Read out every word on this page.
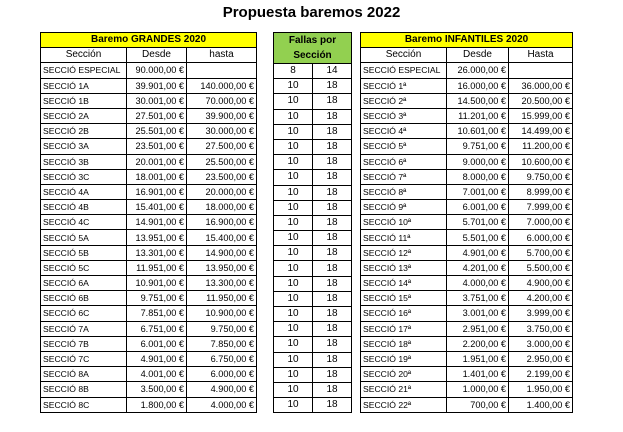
Propuesta baremos 2022
Baremo GRANDES 2020		
Sección	Desde	hasta
SECCIÓ ESPECIAL	90.000,00 €	
SECCIÓ 1A	39.901,00 €	140.000,00 €
SECCIÓ 1B	30.001,00 €	70.000,00 €
SECCIÓ 2A	27.501,00 €	39.900,00 €
SECCIÓ 2B	25.501,00 €	30.000,00 €
SECCIÓ 3A	23.501,00 €	27.500,00 €
SECCIÓ 3B	20.001,00 €	25.500,00 €
SECCIÓ 3C	18.001,00 €	23.500,00 €
SECCIÓ 4A	16.901,00 €	20.000,00 €
SECCIÓ 4B	15.401,00 €	18.000,00 €
SECCIÓ 4C	14.901,00 €	16.900,00 €
SECCIÓ 5A	13.951,00 €	15.400,00 €
SECCIÓ 5B	13.301,00 €	14.900,00 €
SECCIÓ 5C	11.951,00 €	13.950,00 €
SECCIÓ 6A	10.901,00 €	13.300,00 €
SECCIÓ 6B	9.751,00 €	11.950,00 €
SECCIÓ 6C	7.851,00 €	10.900,00 €
SECCIÓ 7A	6.751,00 €	9.750,00 €
SECCIÓ 7B	6.001,00 €	7.850,00 €
SECCIÓ 7C	4.901,00 €	6.750,00 €
SECCIÓ 8A	4.001,00 €	6.000,00 €
SECCIÓ 8B	3.500,00 €	4.900,00 €
SECCIÓ 8C	1.800,00 €	4.000,00 €
Fallas por
Sección	
8	14
10	18
10	18
10	18
10	18
10	18
10	18
10	18
10	18
10	18
10	18
10	18
10	18
10	18
10	18
10	18
10	18
10	18
10	18
10	18
10	18
10	18
10	18
Baremo INFANTILES 2020		
Sección	Desde	Hasta
SECCIÓ ESPECIAL	26.000,00 €	
SECCIÓ 1ª	16.000,00 €	36.000,00 €
SECCIÓ 2ª	14.500,00 €	20.500,00 €
SECCIÓ 3ª	11.201,00 €	15.999,00 €
SECCIÓ 4ª	10.601,00 €	14.499,00 €
SECCIÓ 5ª	9.751,00 €	11.200,00 €
SECCIÓ 6ª	9.000,00 €	10.600,00 €
SECCIÓ 7ª	8.000,00 €	9.750,00 €
SECCIÓ 8ª	7.001,00 €	8.999,00 €
SECCIÓ 9ª	6.001,00 €	7.999,00 €
SECCIÓ 10ª	5.701,00 €	7.000,00 €
SECCIÓ 11ª	5.501,00 €	6.000,00 €
SECCIÓ 12ª	4.901,00 €	5.700,00 €
SECCIÓ 13ª	4.201,00 €	5.500,00 €
SECCIÓ 14ª	4.000,00 €	4.900,00 €
SECCIÓ 15ª	3.751,00 €	4.200,00 €
SECCIÓ 16ª	3.001,00 €	3.999,00 €
SECCIÓ 17ª	2.951,00 €	3.750,00 €
SECCIÓ 18ª	2.200,00 €	3.000,00 €
SECCIÓ 19ª	1.951,00 €	2.950,00 €
SECCIÓ 20ª	1.401,00 €	2.199,00 €
SECCIÓ 21ª	1.000,00 €	1.950,00 €
SECCIÓ 22ª	700,00 €	1.400,00 €
